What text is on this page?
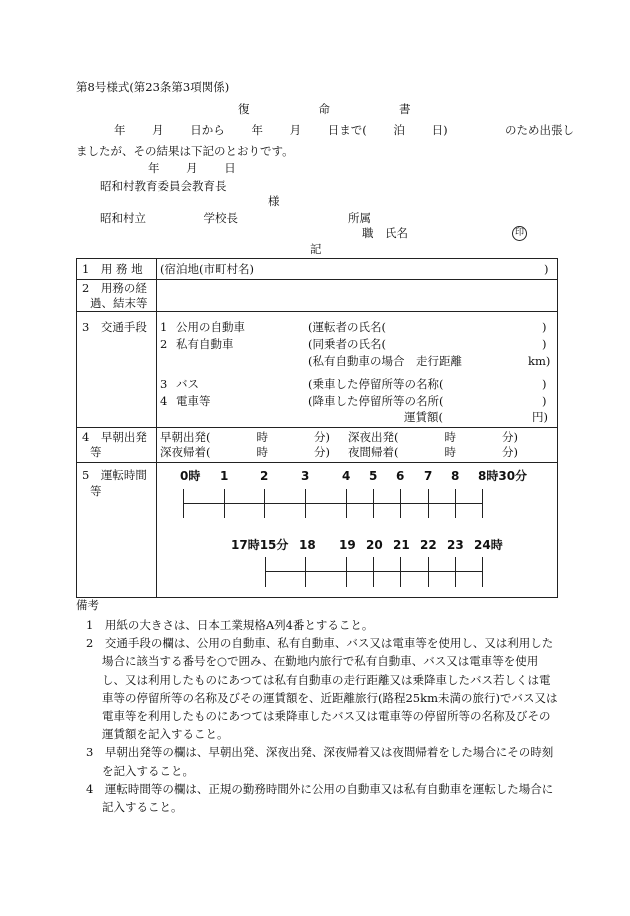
第8号様式(第23条第3項関係)
復　　　　　　命　　　　　　書
年　　 月　　 日から　　 年　　 月　　 日まで(　　 泊　　 日)　　　　　のため出張し
ましたが、その結果は下記のとおりです。
年　　 月　　 日
昭和村教育委員会教育長
様
昭和村立　　　　　学校長	所属
職　氏名	印
記
1　用 務 地 (宿泊地(市町村名)	)
2　用務の経
過、結末等
3　交通手段 1 公用の自動車	(運転者の氏名(	)
2 私有自動車	(同乗者の氏名(	)
(私有自動車の場合　走行距離	km)
3 バス	(乗車した停留所等の名称(	)
4 電車等	(降車した停留所等の名所(	)
運賃額(	円)
4　早朝出発
等
早朝出発(　　　　時　　　　分) 深夜出発(　　　　時　　　　分)
深夜帰着(　　　　時　　　　分) 夜間帰着(　　　　時　　　　分)
5　運転時間
等
0時 1	2	3	4 5 6 7 8 8時30分
17時15分 18 19 20 21 22 23 24時
備考
1　用紙の大きさは、日本工業規格A列4番とすること。
2　交通手段の欄は、公用の自動車、私有自動車、バス又は電車等を使用し、又は利用した場合に該当する番号を○で囲み、在勤地内旅行で私有自動車、バス又は電車等を使用し、又は利用したものにあつては私有自動車の走行距離又は乗降車したバス若しくは電車等の停留所等の名称及びその運賃額を、近距離旅行(路程25km未満の旅行)でバス又は電車等を利用したものにあつては乗降車したバス又は電車等の停留所等の名称及びその運賃額を記入すること。
3　早朝出発等の欄は、早朝出発、深夜出発、深夜帰着又は夜間帰着をした場合にその時刻を記入すること。
4　運転時間等の欄は、正規の勤務時間外に公用の自動車又は私有自動車を運転した場合に記入すること。
